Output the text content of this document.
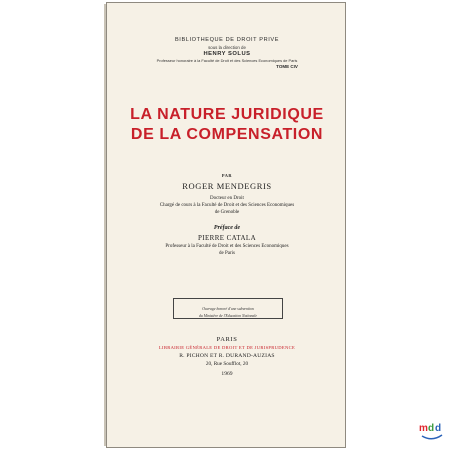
BIBLIOTHEQUE DE DROIT PRIVE

sous la direction de

HENRY SOLUS

Professeur honoraire à la Faculté de Droit et des Sciences Economiques de Paris

TOME CIV

LA NATURE JURIDIQUE

DE LA COMPENSATION

PAR

ROGER MENDEGRIS

Docteur en Droit

Chargé de cours à la Faculté de Droit et des Sciences Economiques

de Grenoble

Préface de

PIERRE CATALA

Professeur à la Faculté de Droit et des Sciences Economiques

de Paris

Ouvrage honoré d'une subvention

du Ministère de l'Education Nationale

PARIS

LIBRAIRIE GÉNÉRALE DE DROIT ET DE JURISPRUDENCE

R. PICHON ET R. DURAND-AUZIAS

20, Rue Soufflot, 20

1969

m d d
